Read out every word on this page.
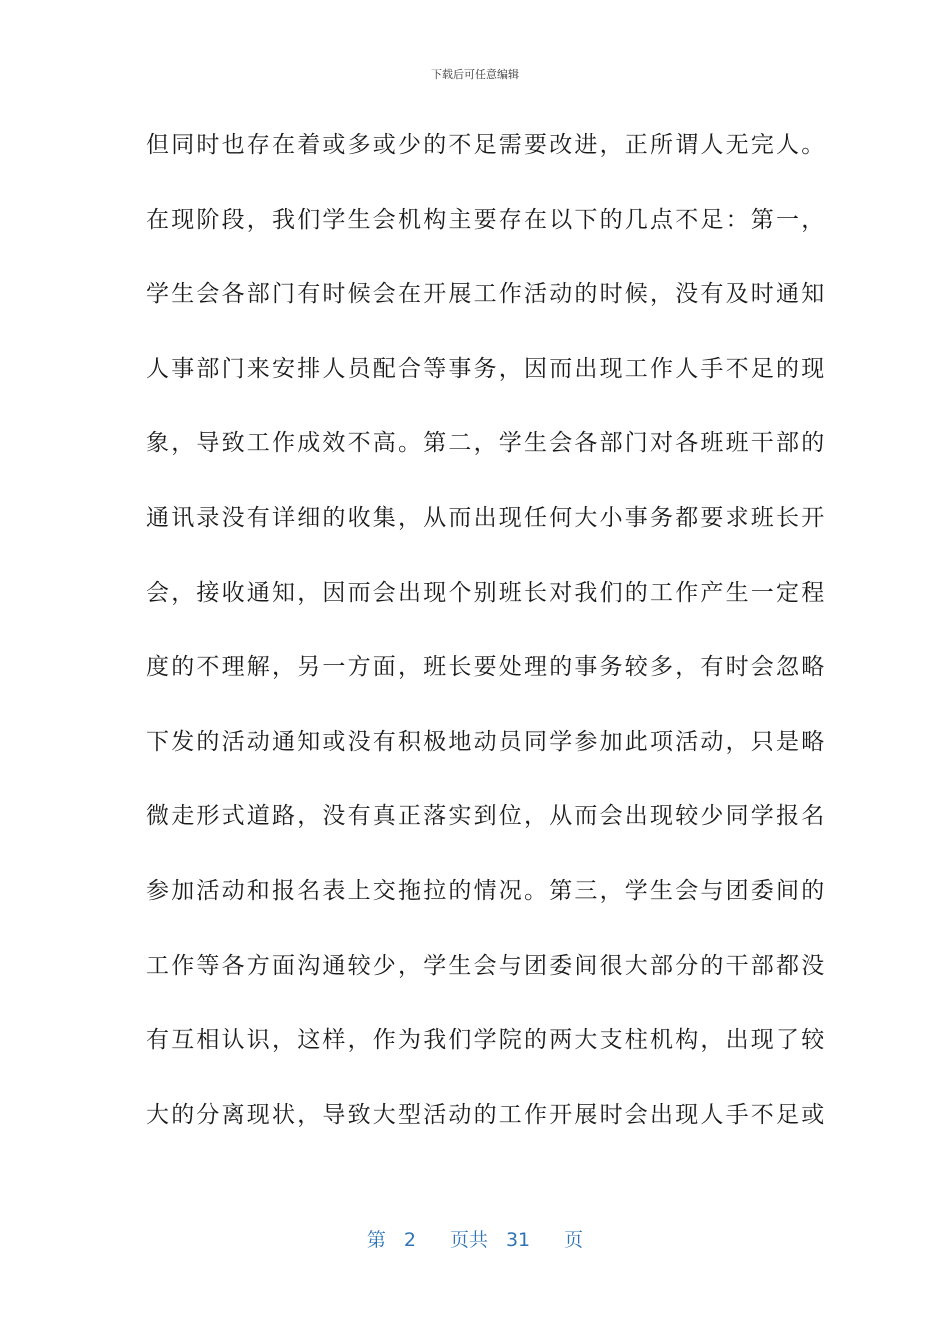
下载后可任意编辑
但同时也存在着或多或少的不足需要改进，正所谓人无完人。
在现阶段，我们学生会机构主要存在以下的几点不足：第一，
学生会各部门有时候会在开展工作活动的时候，没有及时通知
人事部门来安排人员配合等事务，因而出现工作人手不足的现
象，导致工作成效不高。第二，学生会各部门对各班班干部的
通讯录没有详细的收集，从而出现任何大小事务都要求班长开
会，接收通知，因而会出现个别班长对我们的工作产生一定程
度的不理解，另一方面，班长要处理的事务较多，有时会忽略
下发的活动通知或没有积极地动员同学参加此项活动，只是略
微走形式道路，没有真正落实到位，从而会出现较少同学报名
参加活动和报名表上交拖拉的情况。第三，学生会与团委间的
工作等各方面沟通较少，学生会与团委间很大部分的干部都没
有互相认识，这样，作为我们学院的两大支柱机构，出现了较
大的分离现状，导致大型活动的工作开展时会出现人手不足或
第 2 页共 31 页
